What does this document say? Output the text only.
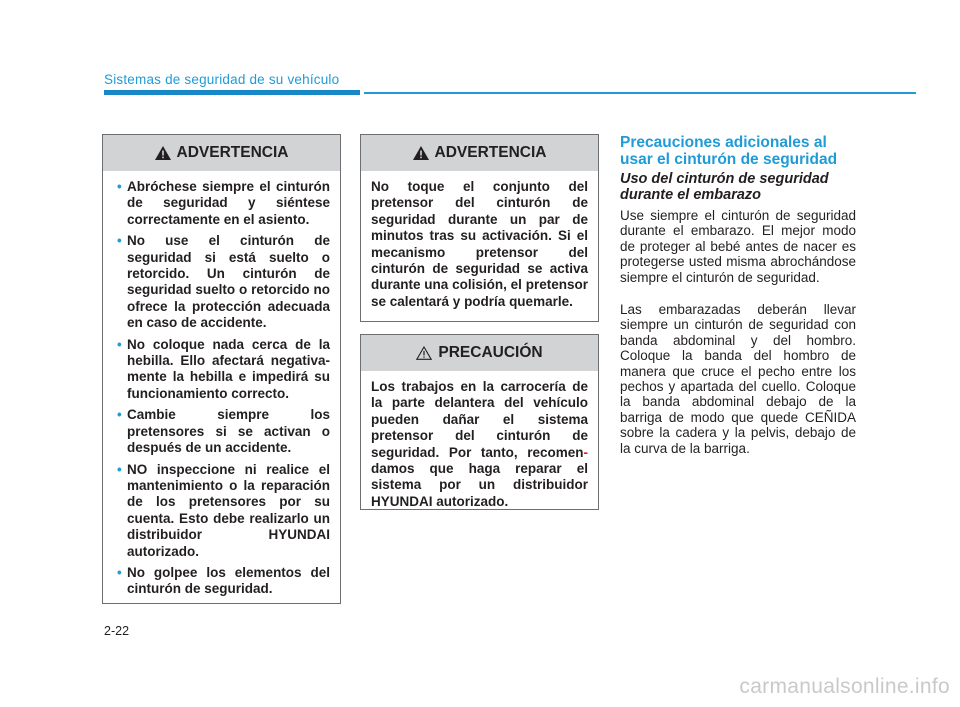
Sistemas de seguridad de su vehículo
ADVERTENCIA
• Abróchese siempre el cinturón de seguridad y siéntese correctamente en el asiento.
• No use el cinturón de seguridad si está suelto o retorcido. Un cinturón de seguridad suelto o retorcido no ofrece la protección adecuada en caso de accidente.
• No coloque nada cerca de la hebilla. Ello afectará negativa- mente la hebilla e impedirá su funcionamiento correcto.
• Cambie siempre los pretensores si se activan o después de un accidente.
• NO inspeccione ni realice el mantenimiento o la reparación de los pretensores por su cuenta. Esto debe realizarlo un distribuidor HYUNDAI autorizado.
• No golpee los elementos del cinturón de seguridad.
ADVERTENCIA
No toque el conjunto del pretensor del cinturón de seguridad durante un par de minutos tras su activación. Si el mecanismo pretensor del cinturón de seguridad se activa durante una colisión, el pretensor se calentará y podría quemarle.
PRECAUCIÓN
Los trabajos en la carrocería de la parte delantera del vehículo pueden dañar el sistema pretensor del cinturón de seguridad. Por tanto, recomen- damos que haga reparar el sistema por un distribuidor HYUNDAI autorizado.
Precauciones adicionales al usar el cinturón de seguridad
Uso del cinturón de seguridad durante el embarazo

Use siempre el cinturón de seguridad durante el embarazo. El mejor modo de proteger al bebé antes de nacer es protegerse usted misma abrochándose siempre el cinturón de seguridad.

Las embarazadas deberán llevar siempre un cinturón de seguridad con banda abdominal y del hombro. Coloque la banda del hombro de manera que cruce el pecho entre los pechos y apartada del cuello. Coloque la banda abdominal debajo de la barriga de modo que quede CEÑIDA sobre la cadera y la pelvis, debajo de la curva de la barriga.

2-22
carmanualsonline.info
